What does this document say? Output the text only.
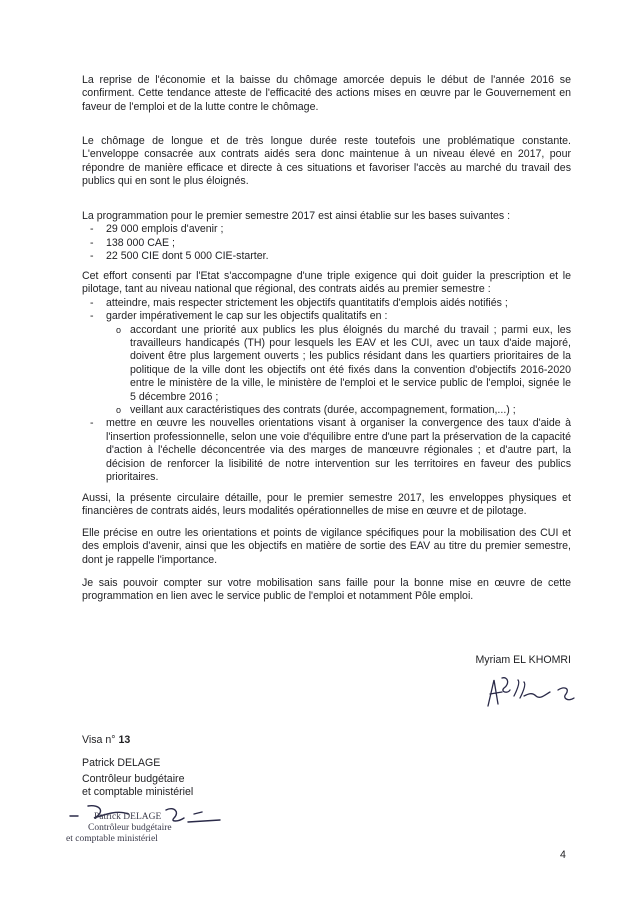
La reprise de l'économie et la baisse du chômage amorcée depuis le début de l'année 2016 se confirment. Cette tendance atteste de l'efficacité des actions mises en œuvre par le Gouvernement en faveur de l'emploi et de la lutte contre le chômage.

Le chômage de longue et de très longue durée reste toutefois une problématique constante. L'enveloppe consacrée aux contrats aidés sera donc maintenue à un niveau élevé en 2017, pour répondre de manière efficace et directe à ces situations et favoriser l'accès au marché du travail des publics qui en sont le plus éloignés.

La programmation pour le premier semestre 2017 est ainsi établie sur les bases suivantes :

- 29 000 emplois d'avenir ;
- 138 000 CAE ;
- 22 500 CIE dont 5 000 CIE-starter.

Cet effort consenti par l'Etat s'accompagne d'une triple exigence qui doit guider la prescription et le pilotage, tant au niveau national que régional, des contrats aidés au premier semestre :

- atteindre, mais respecter strictement les objectifs quantitatifs d'emplois aidés notifiés ;
- garder impérativement le cap sur les objectifs qualitatifs en :
o accordant une priorité aux publics les plus éloignés du marché du travail ; parmi eux, les travailleurs handicapés (TH) pour lesquels les EAV et les CUI, avec un taux d'aide majoré, doivent être plus largement ouverts ; les publics résidant dans les quartiers prioritaires de la politique de la ville dont les objectifs ont été fixés dans la convention d'objectifs 2016-2020 entre le ministère de la ville, le ministère de l'emploi et le service public de l'emploi, signée le 5 décembre 2016 ;
o veillant aux caractéristiques des contrats (durée, accompagnement, formation,...) ;
- mettre en œuvre les nouvelles orientations visant à organiser la convergence des taux d'aide à l'insertion professionnelle, selon une voie d'équilibre entre d'une part la préservation de la capacité d'action à l'échelle déconcentrée via des marges de manœuvre régionales ; et d'autre part, la décision de renforcer la lisibilité de notre intervention sur les territoires en faveur des publics prioritaires.

Aussi, la présente circulaire détaille, pour le premier semestre 2017, les enveloppes physiques et financières de contrats aidés, leurs modalités opérationnelles de mise en œuvre et de pilotage.

Elle précise en outre les orientations et points de vigilance spécifiques pour la mobilisation des CUI et des emplois d'avenir, ainsi que les objectifs en matière de sortie des EAV au titre du premier semestre, dont je rappelle l'importance.

Je sais pouvoir compter sur votre mobilisation sans faille pour la bonne mise en œuvre de cette programmation en lien avec le service public de l'emploi et notamment Pôle emploi.

Myriam EL KHOMRI
Visa n° 13
Patrick DELAGE
Contrôleur budgétaire
et comptable ministériel
Patrick DELAGE
Contrôleur budgétaire
et comptable ministériel
4
